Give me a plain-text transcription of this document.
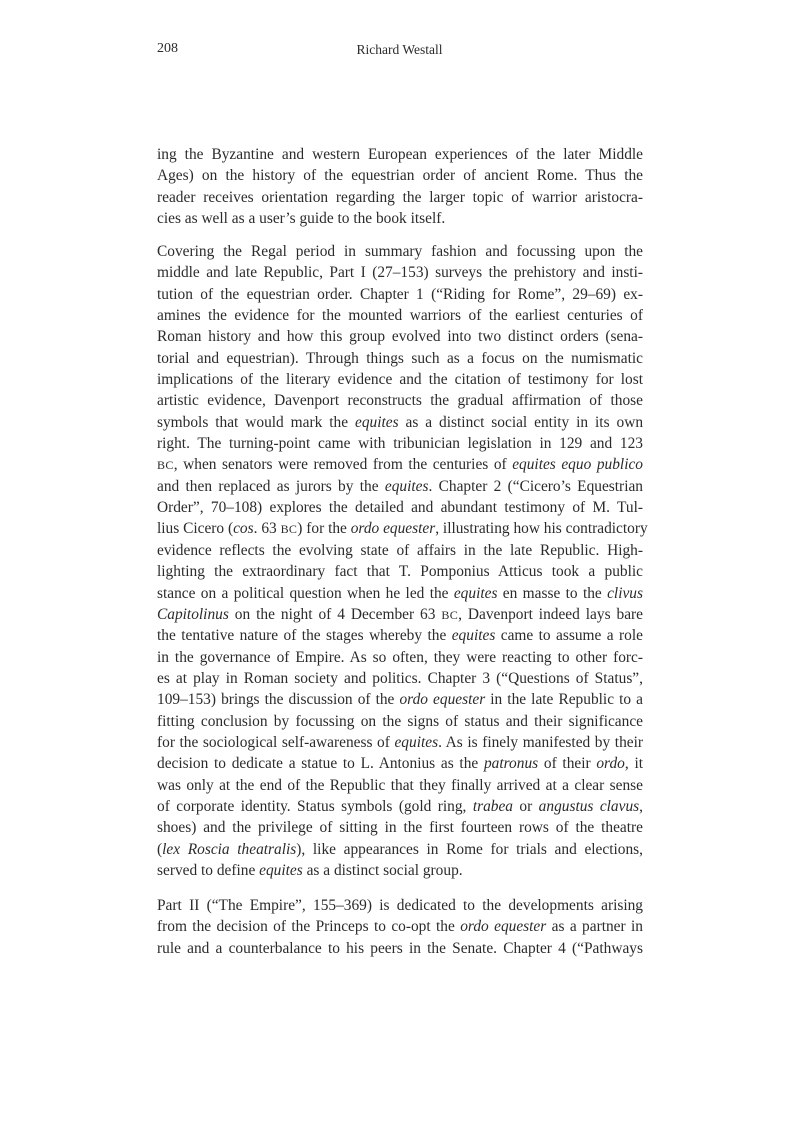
208	Richard Westall
ing the Byzantine and western European experiences of the later Middle
Ages) on the history of the equestrian order of ancient Rome. Thus the
reader receives orientation regarding the larger topic of warrior aristocra-
cies as well as a user’s guide to the book itself.
Covering the Regal period in summary fashion and focussing upon the
middle and late Republic, Part I (27–153) surveys the prehistory and insti-
tution of the equestrian order. Chapter 1 (“Riding for Rome”, 29–69) ex-
amines the evidence for the mounted warriors of the earliest centuries of
Roman history and how this group evolved into two distinct orders (sena-
torial and equestrian). Through things such as a focus on the numismatic
implications of the literary evidence and the citation of testimony for lost
artistic evidence, Davenport reconstructs the gradual affirmation of those
symbols that would mark the equites as a distinct social entity in its own
right. The turning-point came with tribunician legislation in 129 and 123
BC, when senators were removed from the centuries of equites equo publico
and then replaced as jurors by the equites. Chapter 2 (“Cicero’s Equestrian
Order”, 70–108) explores the detailed and abundant testimony of M. Tul-
lius Cicero (cos. 63 BC) for the ordo equester, illustrating how his contradictory
evidence reflects the evolving state of affairs in the late Republic. High-
lighting the extraordinary fact that T. Pomponius Atticus took a public
stance on a political question when he led the equites en masse to the clivus
Capitolinus on the night of 4 December 63 BC, Davenport indeed lays bare
the tentative nature of the stages whereby the equites came to assume a role
in the governance of Empire. As so often, they were reacting to other forc-
es at play in Roman society and politics. Chapter 3 (“Questions of Status”,
109–153) brings the discussion of the ordo equester in the late Republic to a
fitting conclusion by focussing on the signs of status and their significance
for the sociological self-awareness of equites. As is finely manifested by their
decision to dedicate a statue to L. Antonius as the patronus of their ordo, it
was only at the end of the Republic that they finally arrived at a clear sense
of corporate identity. Status symbols (gold ring, trabea or angustus clavus,
shoes) and the privilege of sitting in the first fourteen rows of the theatre
(lex Roscia theatralis), like appearances in Rome for trials and elections,
served to define equites as a distinct social group.
Part II (“The Empire”, 155–369) is dedicated to the developments arising
from the decision of the Princeps to co-opt the ordo equester as a partner in
rule and a counterbalance to his peers in the Senate. Chapter 4 (“Pathways
